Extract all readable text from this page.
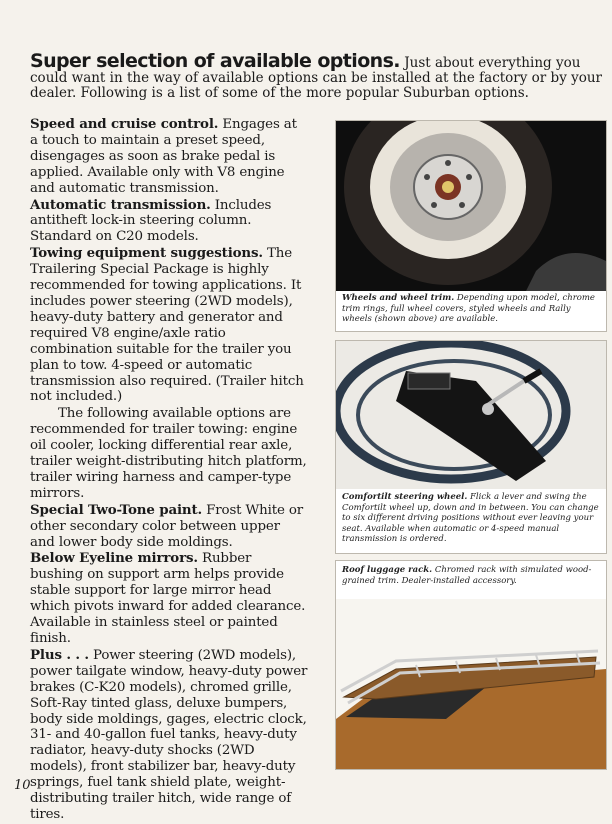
Super selection of available options. Just about everything you could want in the way of available options can be installed at the factory or by your dealer. Following is a list of some of the more popular Suburban options.

Speed and cruise control. Engages at a touch to maintain a preset speed, disengages as soon as brake pedal is applied. Available only with V8 engine and automatic transmission.

Automatic transmission. Includes antitheft lock-in steering column. Standard on C20 models.

Towing equipment suggestions. The Trailering Special Package is highly recommended for towing applications. It includes power steering (2WD models), heavy-duty battery and generator and required V8 engine/axle ratio combination suitable for the trailer you plan to tow. 4-speed or automatic transmission also required. (Trailer hitch not included.)

The following available options are recommended for trailer towing: engine oil cooler, locking differential rear axle, trailer weight-distributing hitch platform, trailer wiring harness and camper-type mirrors.

Special Two-Tone paint. Frost White or other secondary color between upper and lower body side moldings.

Below Eyeline mirrors. Rubber bushing on support arm helps provide stable support for large mirror head which pivots inward for added clearance. Available in stainless steel or painted finish.

Plus . . . Power steering (2WD models), power tailgate window, heavy-duty power brakes (C-K20 models), chromed grille, Soft-Ray tinted glass, deluxe bumpers, body side moldings, gages, electric clock, 31- and 40-gallon fuel tanks, heavy-duty radiator, heavy-duty shocks (2WD models), front stabilizer bar, heavy-duty springs, fuel tank shield plate, weight-distributing trailer hitch, wide range of tires.

Wheels and wheel trim. Depending upon model, chrome trim rings, full wheel covers, styled wheels and Rally wheels (shown above) are available.
Comfortilt steering wheel. Flick a lever and swing the Comfortilt wheel up, down and in between. You can change to six different driving positions without ever leaving your seat. Available when automatic or 4-speed manual transmission is ordered.
Roof luggage rack. Chromed rack with simulated wood-grained trim. Dealer-installed accessory.
10
